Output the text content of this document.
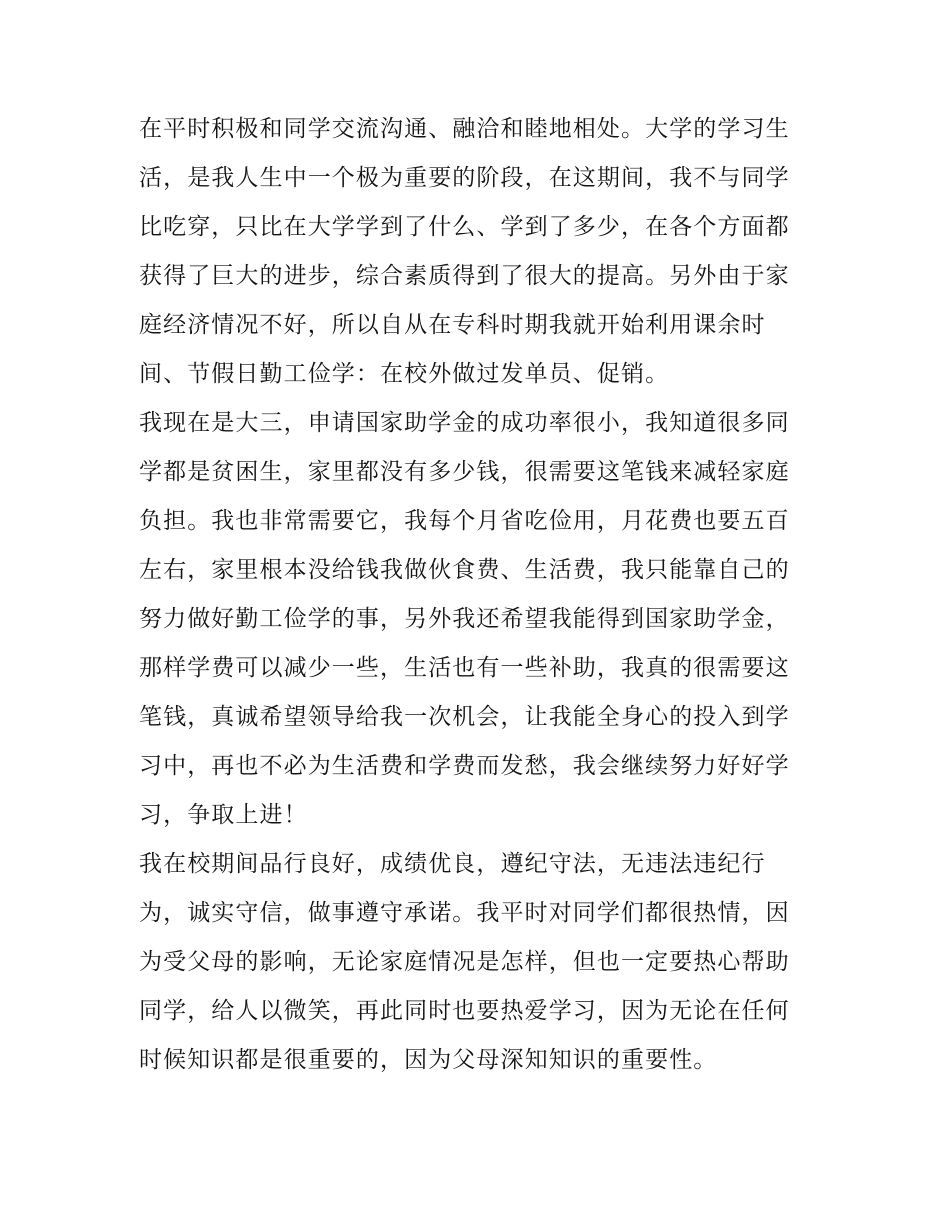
在平时积极和同学交流沟通、融洽和睦地相处。大学的学习生
活，是我人生中一个极为重要的阶段，在这期间，我不与同学
比吃穿，只比在大学学到了什么、学到了多少，在各个方面都
获得了巨大的进步，综合素质得到了很大的提高。另外由于家
庭经济情况不好，所以自从在专科时期我就开始利用课余时
间、节假日勤工俭学：在校外做过发单员、促销。
我现在是大三，申请国家助学金的成功率很小，我知道很多同
学都是贫困生，家里都没有多少钱，很需要这笔钱来减轻家庭
负担。我也非常需要它，我每个月省吃俭用，月花费也要五百
左右，家里根本没给钱我做伙食费、生活费，我只能靠自己的
努力做好勤工俭学的事，另外我还希望我能得到国家助学金，
那样学费可以减少一些，生活也有一些补助，我真的很需要这
笔钱，真诚希望领导给我一次机会，让我能全身心的投入到学
习中，再也不必为生活费和学费而发愁，我会继续努力好好学
习，争取上进！
我在校期间品行良好，成绩优良，遵纪守法，无违法违纪行
为，诚实守信，做事遵守承诺。我平时对同学们都很热情，因
为受父母的影响，无论家庭情况是怎样，但也一定要热心帮助
同学，给人以微笑，再此同时也要热爱学习，因为无论在任何
时候知识都是很重要的，因为父母深知知识的重要性。
